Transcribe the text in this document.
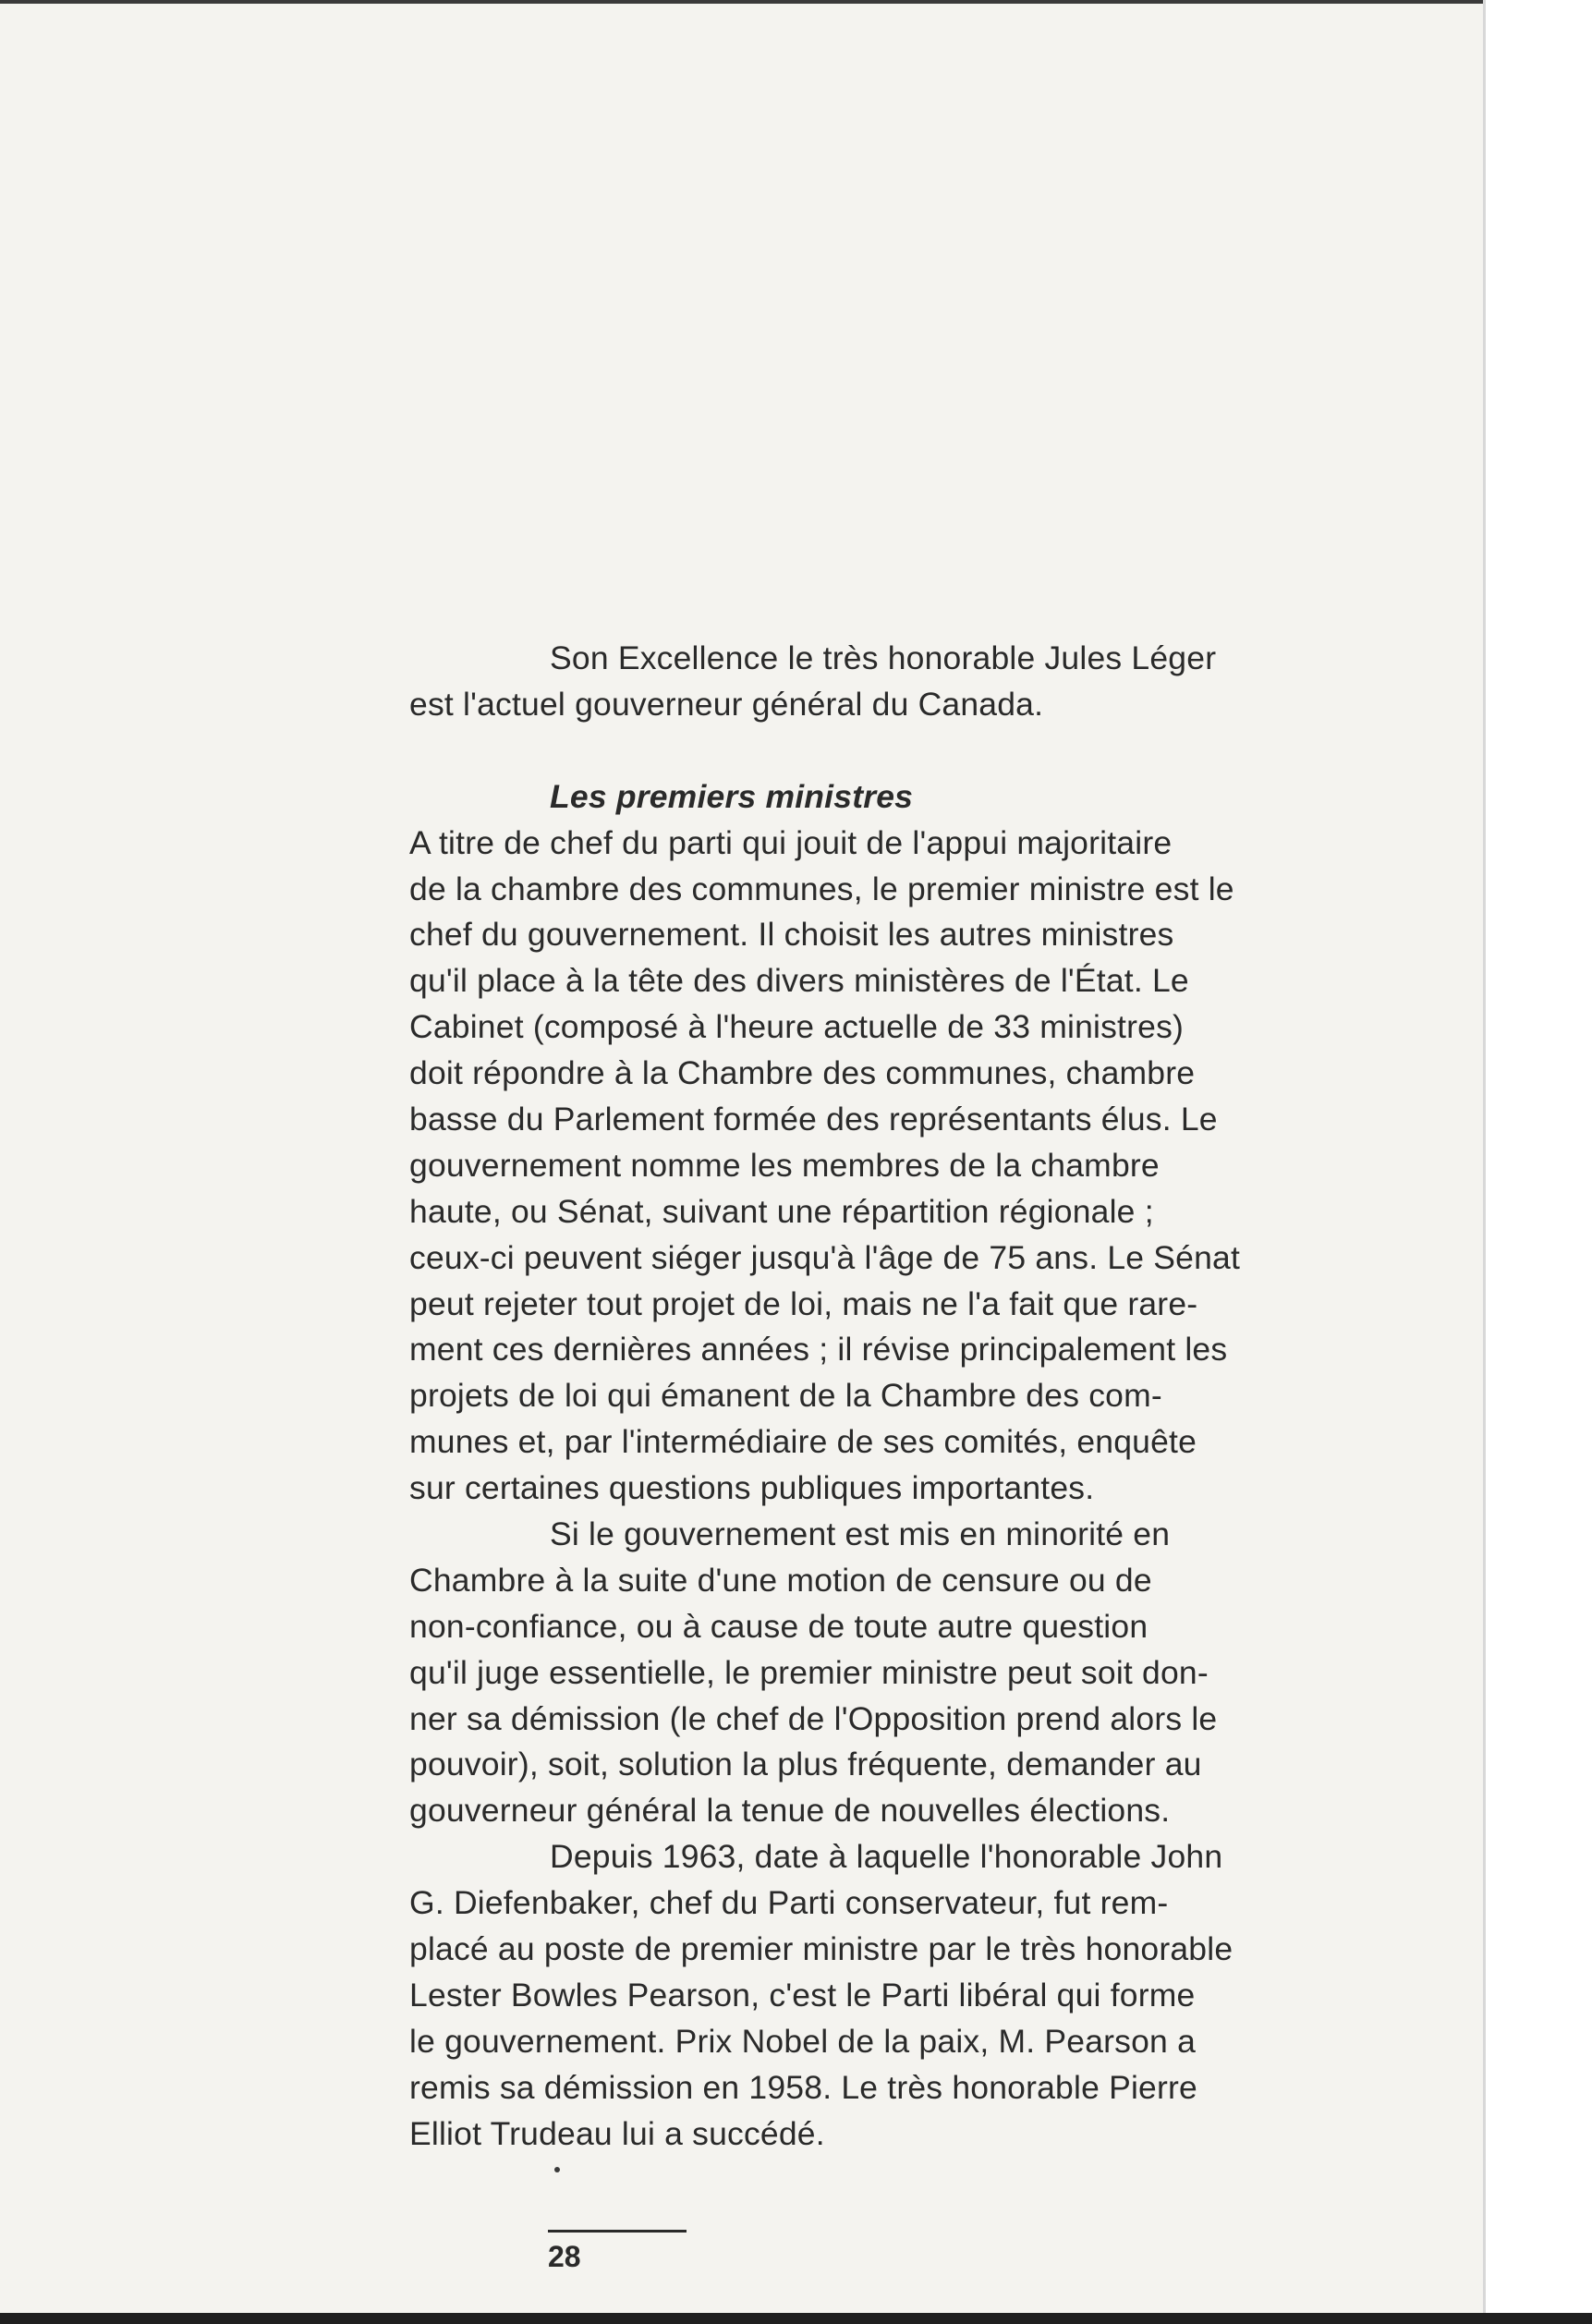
Son Excellence le très honorable Jules Léger
est l'actuel gouverneur général du Canada.
Les premiers ministres
A titre de chef du parti qui jouit de l'appui majoritaire
de la chambre des communes, le premier ministre est le
chef du gouvernement. Il choisit les autres ministres
qu'il place à la tête des divers ministères de l'État. Le
Cabinet (composé à l'heure actuelle de 33 ministres)
doit répondre à la Chambre des communes, chambre
basse du Parlement formée des représentants élus. Le
gouvernement nomme les membres de la chambre
haute, ou Sénat, suivant une répartition régionale ;
ceux-ci peuvent siéger jusqu'à l'âge de 75 ans. Le Sénat
peut rejeter tout projet de loi, mais ne l'a fait que rare-
ment ces dernières années ; il révise principalement les
projets de loi qui émanent de la Chambre des com-
munes et, par l'intermédiaire de ses comités, enquête
sur certaines questions publiques importantes.
Si le gouvernement est mis en minorité en
Chambre à la suite d'une motion de censure ou de
non-confiance, ou à cause de toute autre question
qu'il juge essentielle, le premier ministre peut soit don-
ner sa démission (le chef de l'Opposition prend alors le
pouvoir), soit, solution la plus fréquente, demander au
gouverneur général la tenue de nouvelles élections.
Depuis 1963, date à laquelle l'honorable John
G. Diefenbaker, chef du Parti conservateur, fut rem-
placé au poste de premier ministre par le très honorable
Lester Bowles Pearson, c'est le Parti libéral qui forme
le gouvernement. Prix Nobel de la paix, M. Pearson a
remis sa démission en 1958. Le très honorable Pierre
Elliot Trudeau lui a succédé.
28
